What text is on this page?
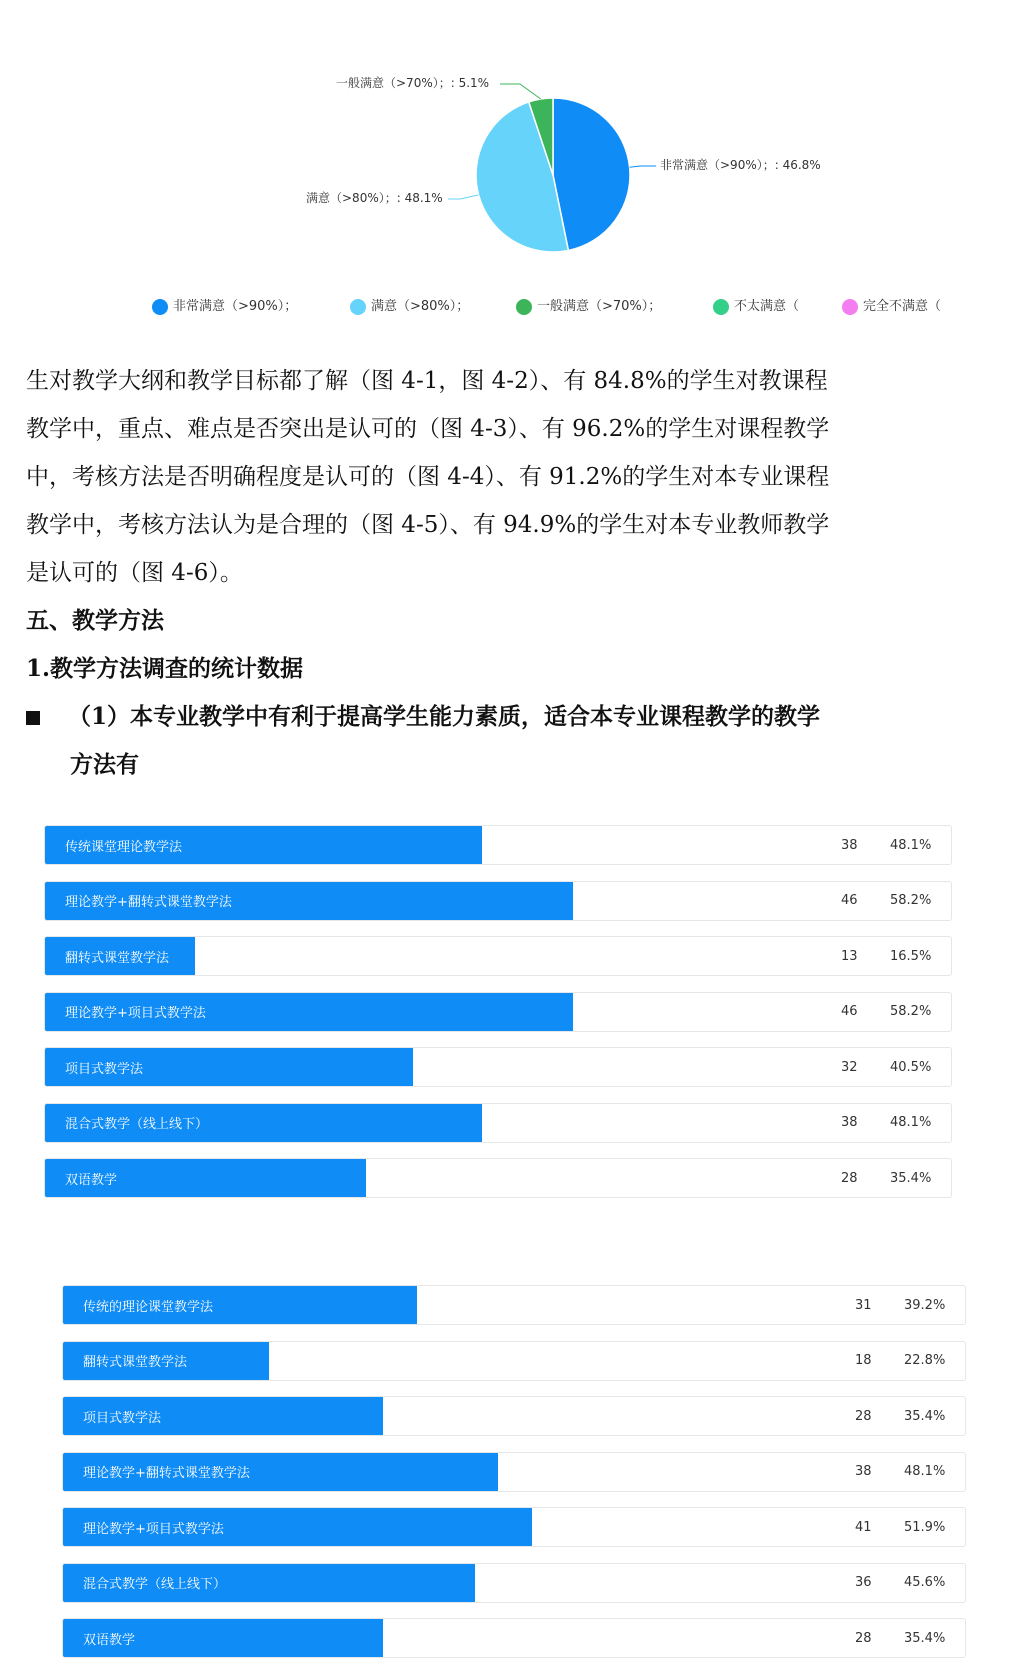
一般满意（>70%）；: 5.1%
非常满意（>90%）；: 46.8%
满意（>80%）；: 48.1%
非常满意（>90%）；	满意（>80%）；	一般满意（>70%）；	不太满意（	完全不满意（
生对教学大纲和教学目标都了解（图 4-1，图 4-2）、有 84.8%的学生对教课程
教学中，重点、难点是否突出是认可的（图 4-3）、有 96.2%的学生对课程教学
中，考核方法是否明确程度是认可的（图 4-4）、有 91.2%的学生对本专业课程
教学中，考核方法认为是合理的（图 4-5）、有 94.9%的学生对本专业教师教学
是认可的（图 4-6）。
五、教学方法
1.教学方法调查的统计数据
（1）本专业教学中有利于提高学生能力素质，适合本专业课程教学的教学
方法有
传统课堂理论教学法	38 48.1%
理论教学+翻转式课堂教学法	46 58.2%
翻转式课堂教学法	13 16.5%
理论教学+项目式教学法	46 58.2%
项目式教学法	32 40.5%
混合式教学（线上线下）	38 48.1%
双语教学	28 35.4%
传统的理论课堂教学法	31 39.2%
翻转式课堂教学法	18 22.8%
项目式教学法	28 35.4%
理论教学+翻转式课堂教学法	38 48.1%
理论教学+项目式教学法	41 51.9%
混合式教学（线上线下）	36 45.6%
双语教学	28 35.4%
